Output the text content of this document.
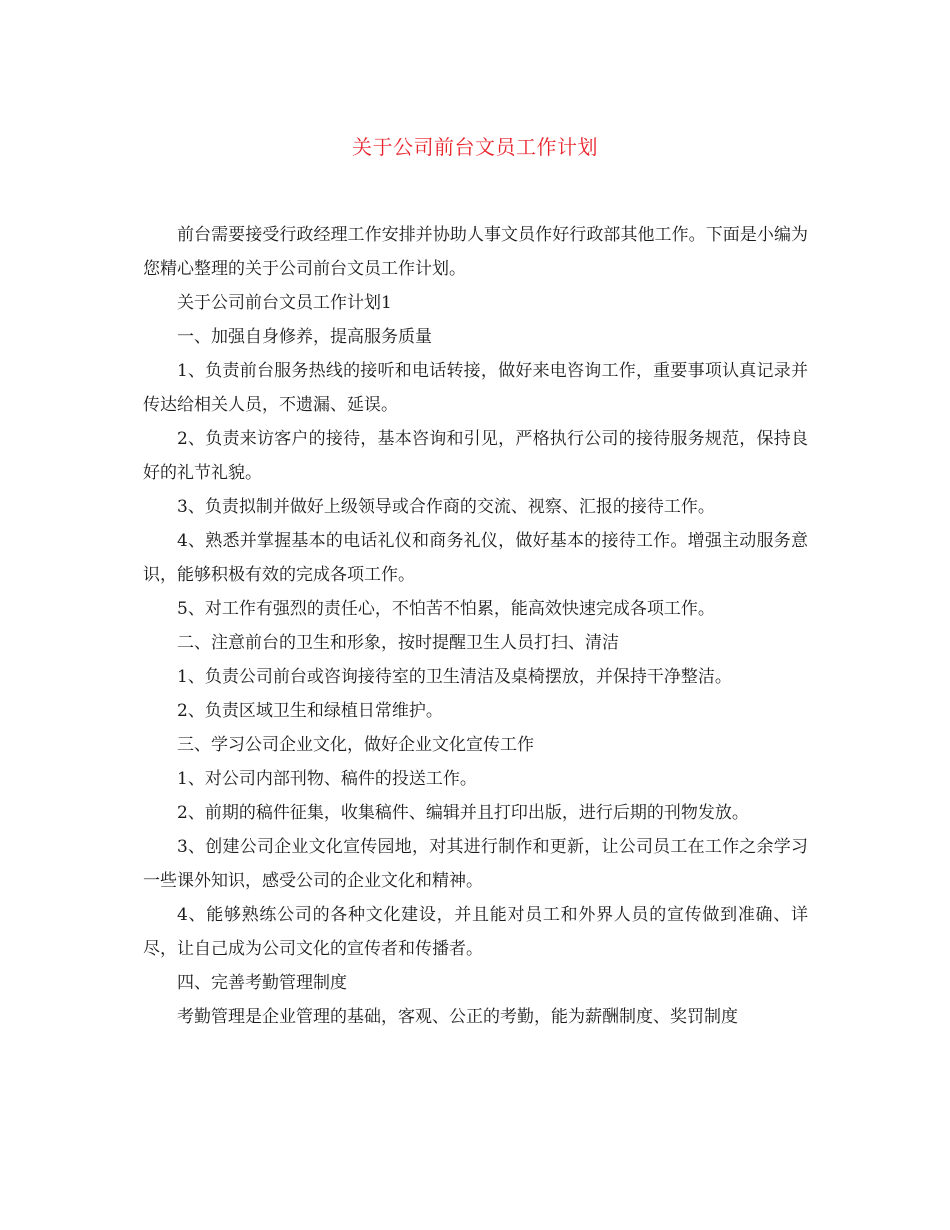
关于公司前台文员工作计划

前台需要接受行政经理工作安排并协助人事文员作好行政部其他工作。下面是小编为您精心整理的关于公司前台文员工作计划。

关于公司前台文员工作计划1

一、加强自身修养，提高服务质量

1、负责前台服务热线的接听和电话转接，做好来电咨询工作，重要事项认真记录并传达给相关人员，不遗漏、延误。

2、负责来访客户的接待，基本咨询和引见，严格执行公司的接待服务规范，保持良好的礼节礼貌。

3、负责拟制并做好上级领导或合作商的交流、视察、汇报的接待工作。

4、熟悉并掌握基本的电话礼仪和商务礼仪，做好基本的接待工作。增强主动服务意识，能够积极有效的完成各项工作。

5、对工作有强烈的责任心，不怕苦不怕累，能高效快速完成各项工作。

二、注意前台的卫生和形象，按时提醒卫生人员打扫、清洁

1、负责公司前台或咨询接待室的卫生清洁及桌椅摆放，并保持干净整洁。

2、负责区域卫生和绿植日常维护。

三、学习公司企业文化，做好企业文化宣传工作

1、对公司内部刊物、稿件的投送工作。

2、前期的稿件征集，收集稿件、编辑并且打印出版，进行后期的刊物发放。

3、创建公司企业文化宣传园地，对其进行制作和更新，让公司员工在工作之余学习一些课外知识，感受公司的企业文化和精神。

4、能够熟练公司的各种文化建设，并且能对员工和外界人员的宣传做到准确、详尽，让自己成为公司文化的宣传者和传播者。

四、完善考勤管理制度

考勤管理是企业管理的基础，客观、公正的考勤，能为薪酬制度、奖罚制度
